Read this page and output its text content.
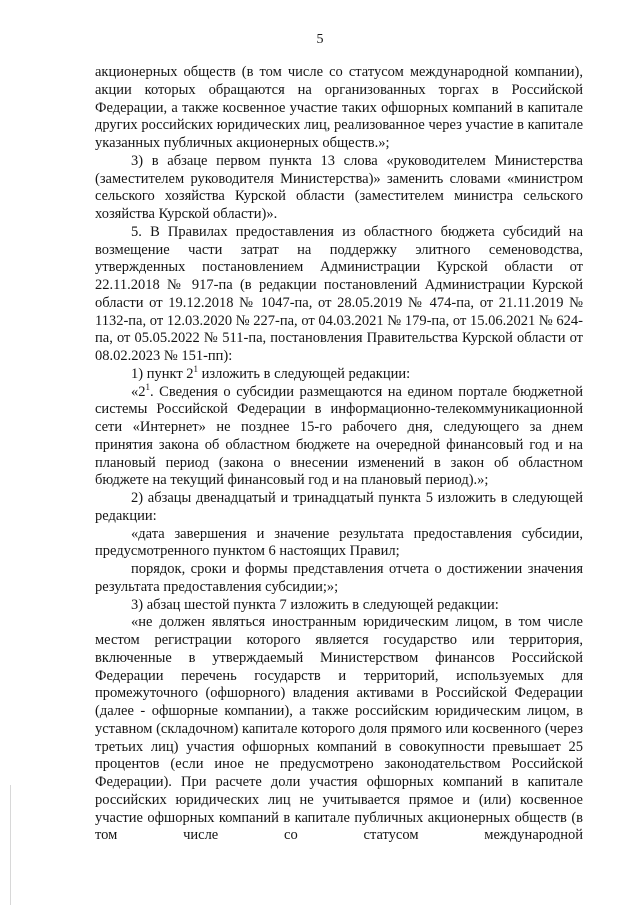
5

акционерных обществ (в том числе со статусом международной компании), акции которых обращаются на организованных торгах в Российской Федерации, а также косвенное участие таких офшорных компаний в капитале других российских юридических лиц, реализованное через участие в капитале указанных публичных акционерных обществ.»;

3) в абзаце первом пункта 13 слова «руководителем Министерства (заместителем руководителя Министерства)» заменить словами «министром сельского хозяйства Курской области (заместителем министра сельского хозяйства Курской области)».

5. В Правилах предоставления из областного бюджета субсидий на возмещение части затрат на поддержку элитного семеноводства, утвержденных постановлением Администрации Курской области от 22.11.2018 № 917-па (в редакции постановлений Администрации Курской области от 19.12.2018 № 1047-па, от 28.05.2019 № 474-па, от 21.11.2019 № 1132-па, от 12.03.2020 № 227-па, от 04.03.2021 № 179-па, от 15.06.2021 № 624-па, от 05.05.2022 № 511-па, постановления Правительства Курской области от 08.02.2023 № 151-пп):

1) пункт $2^1$ изложить в следующей редакции:

«$2^1$. Сведения о субсидии размещаются на едином портале бюджетной системы Российской Федерации в информационно-телекоммуникационной сети «Интернет» не позднее 15-го рабочего дня, следующего за днем принятия закона об областном бюджете на очередной финансовый год и на плановый период (закона о внесении изменений в закон об областном бюджете на текущий финансовый год и на плановый период).»;

2) абзацы двенадцатый и тринадцатый пункта 5 изложить в следующей редакции:

«дата завершения и значение результата предоставления субсидии, предусмотренного пунктом 6 настоящих Правил;

порядок, сроки и формы представления отчета о достижении значения результата предоставления субсидии;»;

3) абзац шестой пункта 7 изложить в следующей редакции:

«не должен являться иностранным юридическим лицом, в том числе местом регистрации которого является государство или территория, включенные в утверждаемый Министерством финансов Российской Федерации перечень государств и территорий, используемых для промежуточного (офшорного) владения активами в Российской Федерации (далее - офшорные компании), а также российским юридическим лицом, в уставном (складочном) капитале которого доля прямого или косвенного (через третьих лиц) участия офшорных компаний в совокупности превышает 25 процентов (если иное не предусмотрено законодательством Российской Федерации). При расчете доли участия офшорных компаний в капитале российских юридических лиц не учитывается прямое и (или) косвенное участие офшорных компаний в капитале публичных акционерных обществ (в том числе со статусом международной
